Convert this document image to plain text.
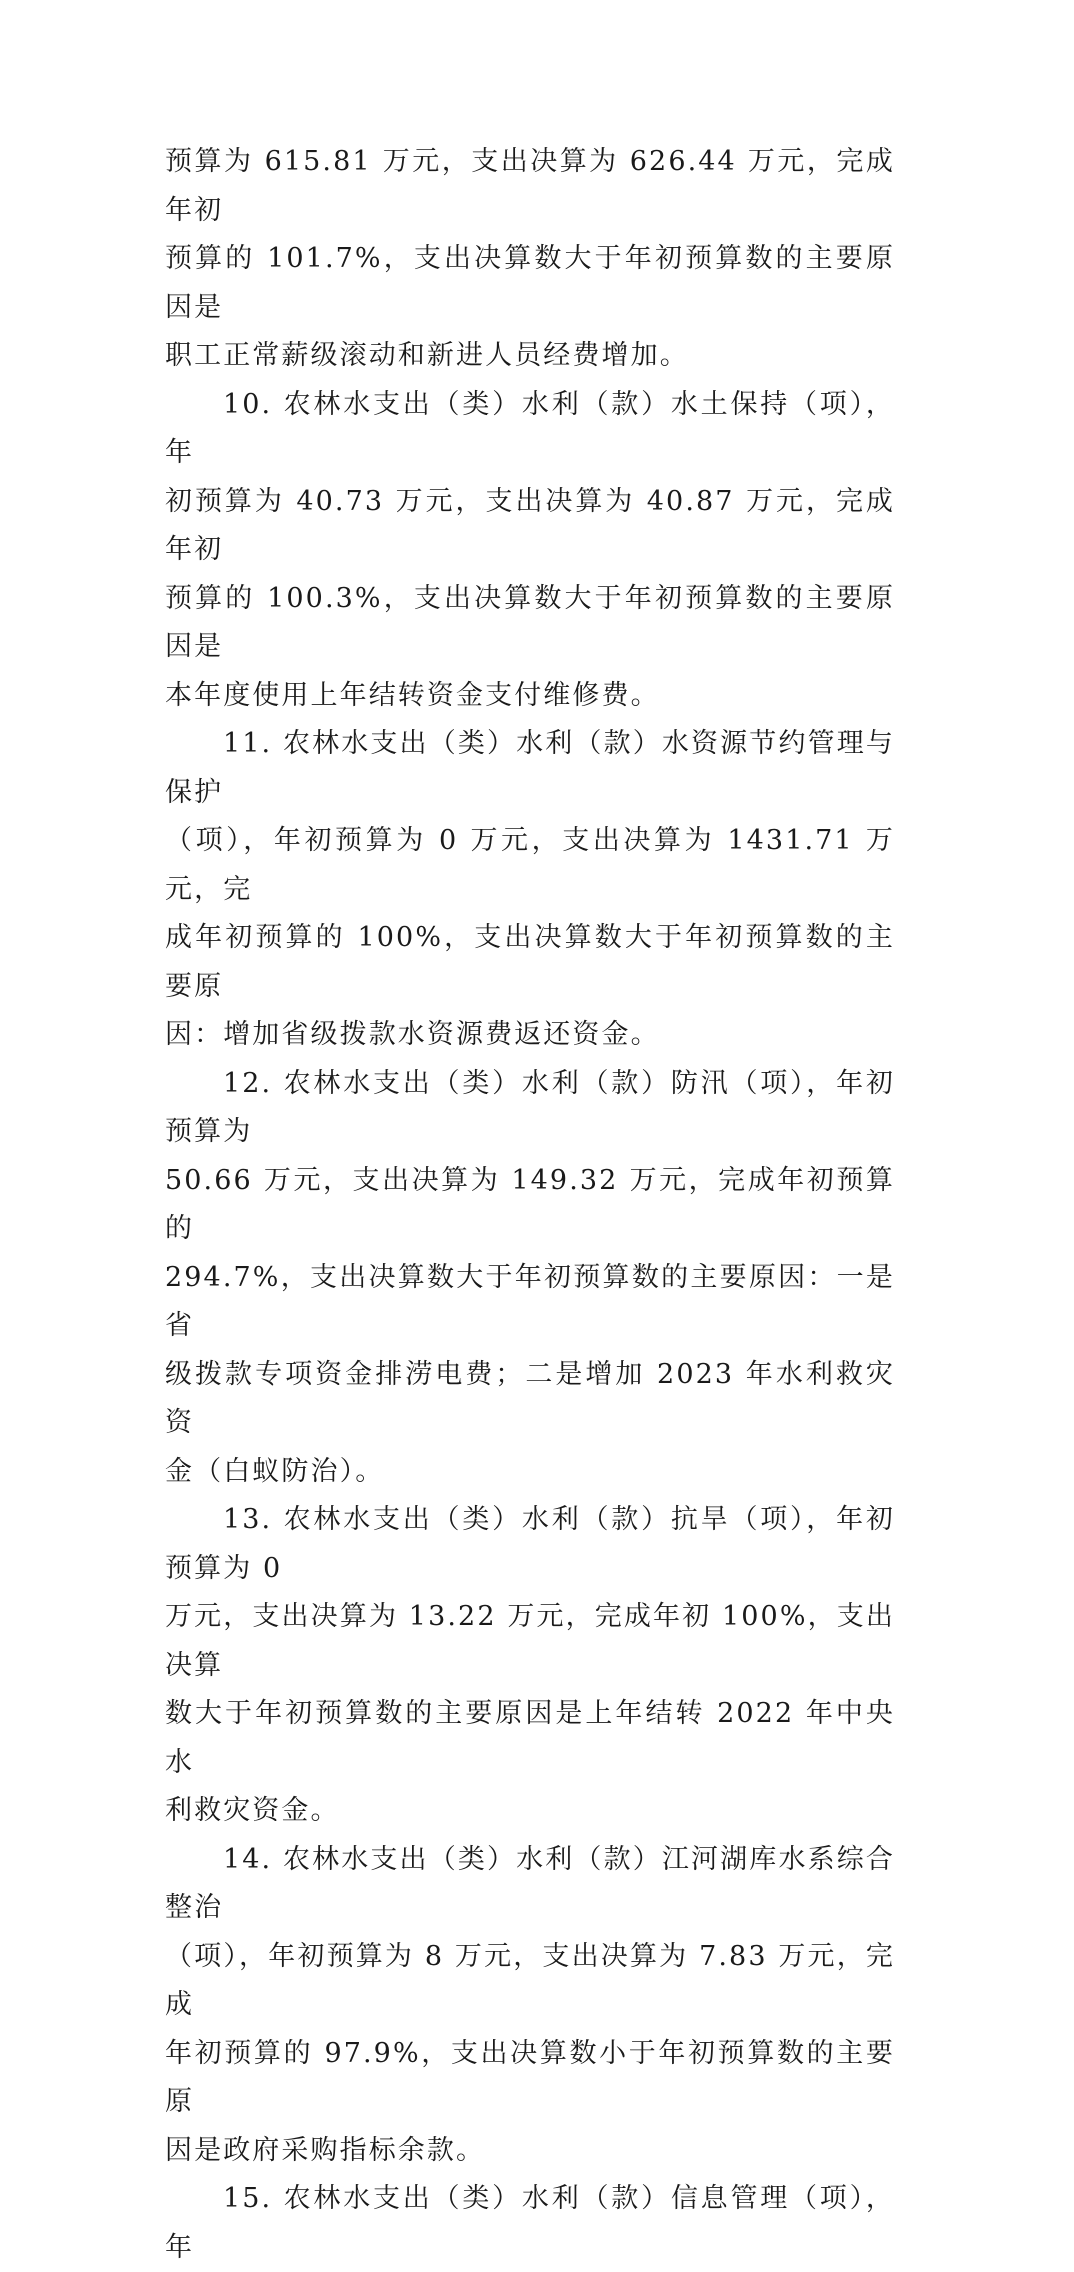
预算为 615.81 万元，支出决算为 626.44 万元，完成年初
预算的 101.7%，支出决算数大于年初预算数的主要原因是
职工正常薪级滚动和新进人员经费增加。

10. 农林水支出（类）水利（款）水土保持（项），年
初预算为 40.73 万元，支出决算为 40.87 万元，完成年初
预算的 100.3%，支出决算数大于年初预算数的主要原因是
本年度使用上年结转资金支付维修费。

11. 农林水支出（类）水利（款）水资源节约管理与保护
（项），年初预算为 0 万元，支出决算为 1431.71 万元，完
成年初预算的 100%，支出决算数大于年初预算数的主要原
因：增加省级拨款水资源费返还资金。

12. 农林水支出（类）水利（款）防汛（项），年初预算为
50.66 万元，支出决算为 149.32 万元，完成年初预算的
294.7%，支出决算数大于年初预算数的主要原因：一是省
级拨款专项资金排涝电费；二是增加 2023 年水利救灾资
金（白蚁防治）。

13. 农林水支出（类）水利（款）抗旱（项），年初预算为 0
万元，支出决算为 13.22 万元，完成年初 100%，支出决算
数大于年初预算数的主要原因是上年结转 2022 年中央水
利救灾资金。

14. 农林水支出（类）水利（款）江河湖库水系综合整治
（项），年初预算为 8 万元，支出决算为 7.83 万元，完成
年初预算的 97.9%，支出决算数小于年初预算数的主要原
因是政府采购指标余款。

15. 农林水支出（类）水利（款）信息管理（项），年
